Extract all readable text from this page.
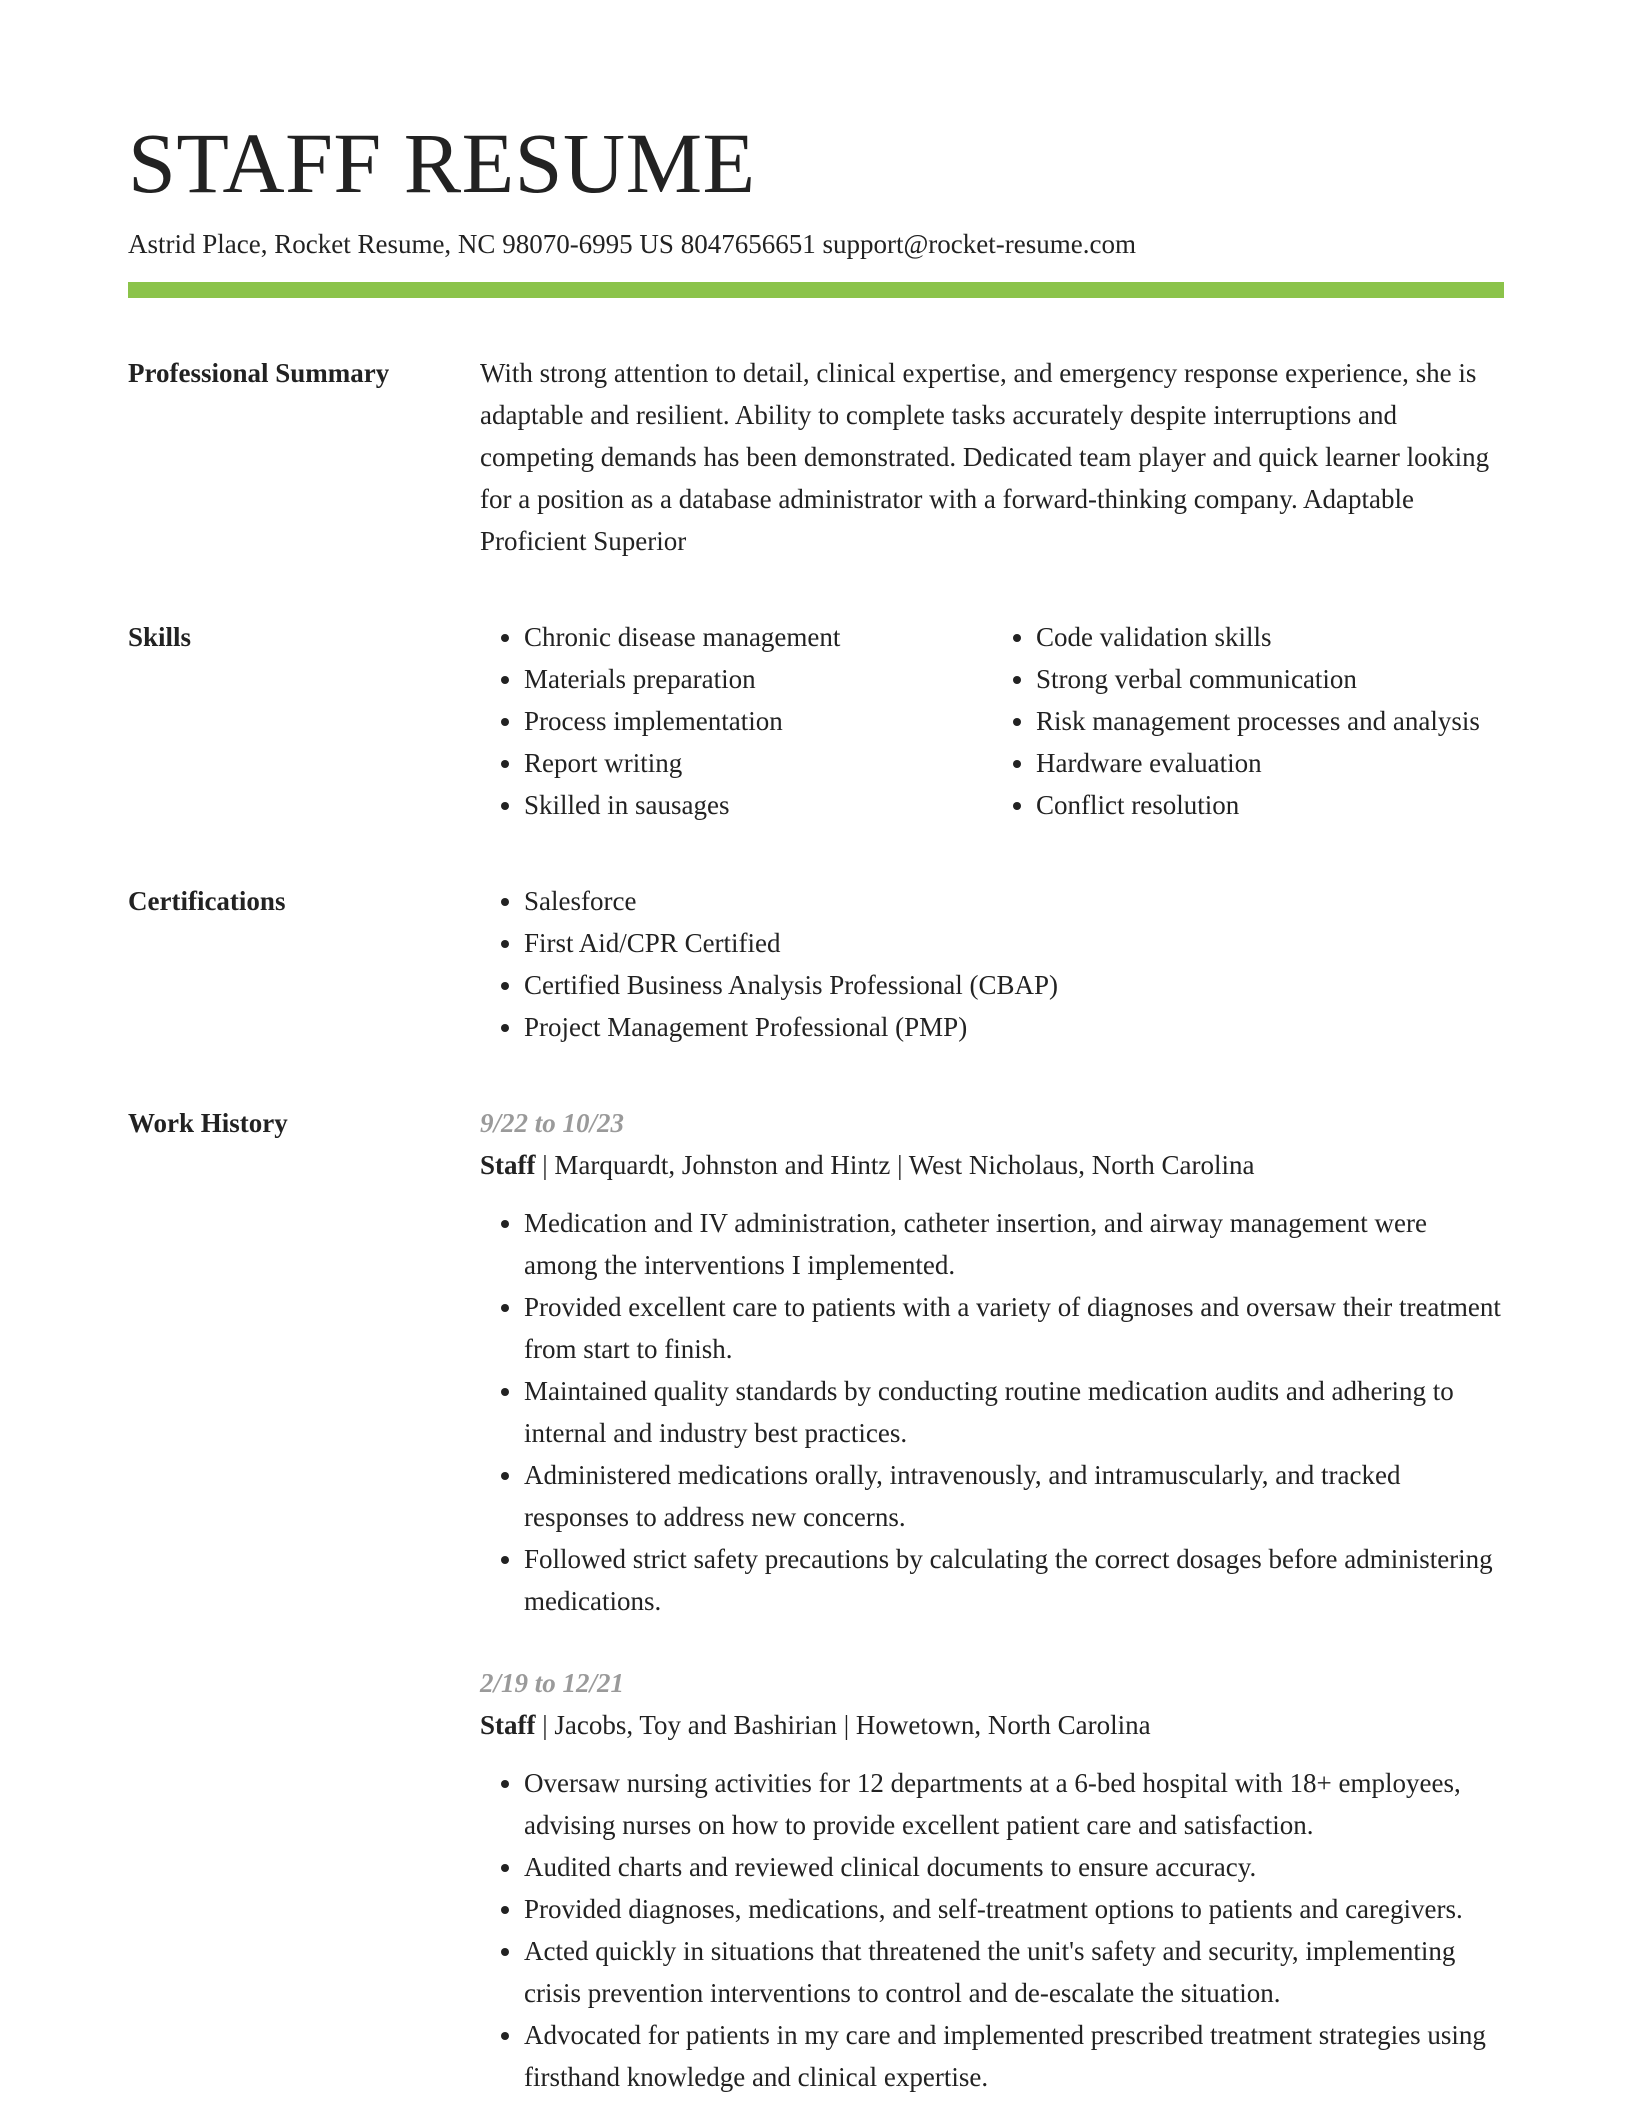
STAFF RESUME
Astrid Place, Rocket Resume, NC 98070-6995 US 8047656651 support@rocket-resume.com
Professional Summary	With strong attention to detail, clinical expertise, and emergency response experience, she is adaptable and resilient. Ability to complete tasks accurately despite interruptions and competing demands has been demonstrated. Dedicated team player and quick learner looking for a position as a database administrator with a forward-thinking company. Adaptable Proficient Superior

Skills	• Chronic disease management
• Materials preparation
• Process implementation
• Report writing
• Skilled in sausages
• Code validation skills
• Strong verbal communication
• Risk management processes and analysis
• Hardware evaluation
• Conflict resolution
Certifications	• Salesforce
• First Aid/CPR Certified
• Certified Business Analysis Professional (CBAP)
• Project Management Professional (PMP)
Work History	9/22 to 10/23
Staff | Marquardt, Johnston and Hintz | West Nicholaus, North Carolina
• Medication and IV administration, catheter insertion, and airway management were among the interventions I implemented.
• Provided excellent care to patients with a variety of diagnoses and oversaw their treatment from start to finish.
• Maintained quality standards by conducting routine medication audits and adhering to internal and industry best practices.
• Administered medications orally, intravenously, and intramuscularly, and tracked responses to address new concerns.
• Followed strict safety precautions by calculating the correct dosages before administering medications.
2/19 to 12/21
Staff | Jacobs, Toy and Bashirian | Howetown, North Carolina
• Oversaw nursing activities for 12 departments at a 6-bed hospital with 18+ employees, advising nurses on how to provide excellent patient care and satisfaction.
• Audited charts and reviewed clinical documents to ensure accuracy.
• Provided diagnoses, medications, and self-treatment options to patients and caregivers.
• Acted quickly in situations that threatened the unit's safety and security, implementing crisis prevention interventions to control and de-escalate the situation.
• Advocated for patients in my care and implemented prescribed treatment strategies using firsthand knowledge and clinical expertise.
